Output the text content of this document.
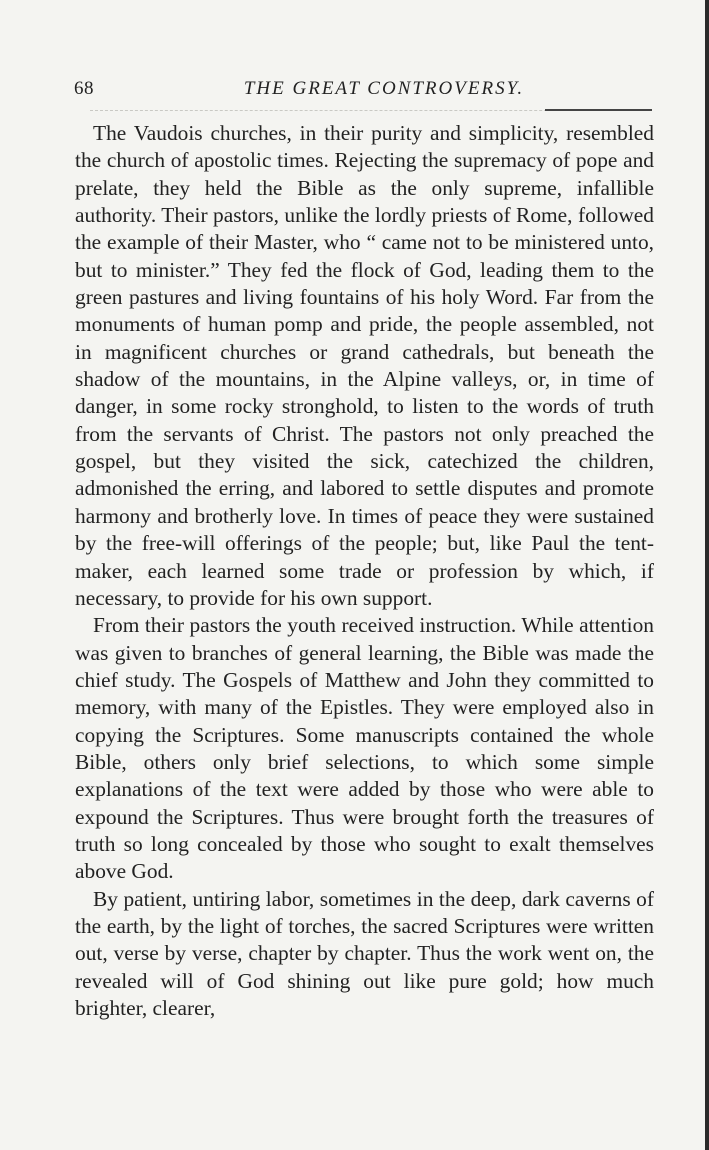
68	THE GREAT CONTROVERSY.

The Vaudois churches, in their purity and simplicity, resembled the church of apostolic times. Rejecting the supremacy of pope and prelate, they held the Bible as the only supreme, infallible authority. Their pastors, unlike the lordly priests of Rome, followed the example of their Master, who “ came not to be ministered unto, but to minister.” They fed the flock of God, leading them to the green pastures and living fountains of his holy Word. Far from the monuments of human pomp and pride, the people assembled, not in magnificent churches or grand cathedrals, but beneath the shadow of the mountains, in the Alpine valleys, or, in time of danger, in some rocky stronghold, to listen to the words of truth from the servants of Christ. The pastors not only preached the gospel, but they visited the sick, catechized the children, admonished the erring, and labored to settle disputes and promote harmony and brotherly love. In times of peace they were sustained by the free-will offerings of the people; but, like Paul the tent-maker, each learned some trade or profession by which, if necessary, to provide for his own support.

From their pastors the youth received instruction. While attention was given to branches of general learning, the Bible was made the chief study. The Gospels of Matthew and John they committed to memory, with many of the Epistles. They were employed also in copying the Scriptures. Some manuscripts contained the whole Bible, others only brief selections, to which some simple explanations of the text were added by those who were able to expound the Scriptures. Thus were brought forth the treasures of truth so long concealed by those who sought to exalt themselves above God.

By patient, untiring labor, sometimes in the deep, dark caverns of the earth, by the light of torches, the sacred Scriptures were written out, verse by verse, chapter by chapter. Thus the work went on, the revealed will of God shining out like pure gold; how much brighter, clearer,
